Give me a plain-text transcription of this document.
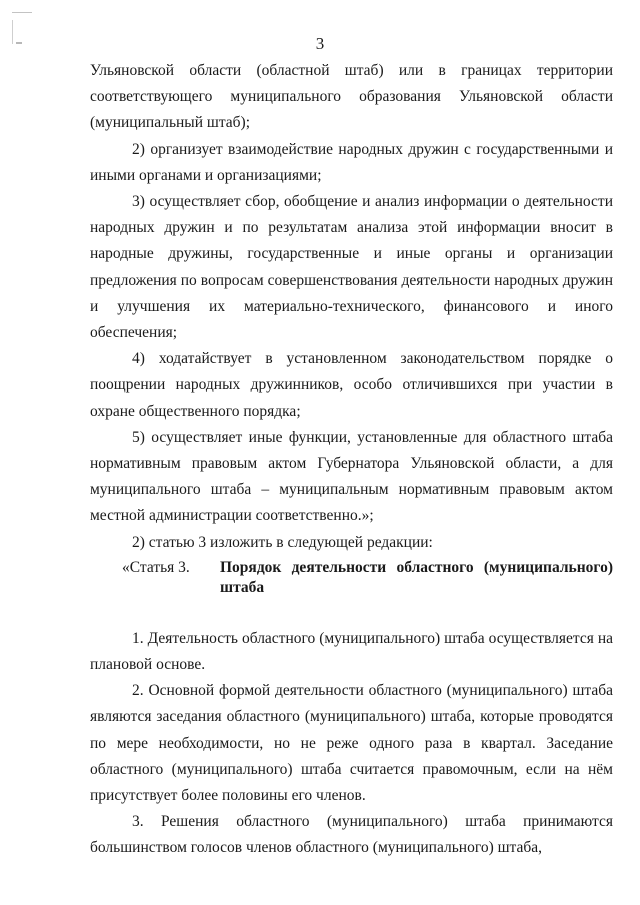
3

Ульяновской области (областной штаб) или в границах территории соответствующего муниципального образования Ульяновской области (муниципальный штаб);

2) организует взаимодействие народных дружин с государственными и иными органами и организациями;

3) осуществляет сбор, обобщение и анализ информации о деятельности народных дружин и по результатам анализа этой информации вносит в народные дружины, государственные и иные органы и организации предложения по вопросам совершенствования деятельности народных дружин и улучшения их материально-технического, финансового и иного обеспечения;

4) ходатайствует в установленном законодательством порядке о поощрении народных дружинников, особо отличившихся при участии в охране общественного порядка;

5) осуществляет иные функции, установленные для областного штаба нормативным правовым актом Губернатора Ульяновской области, а для муниципального штаба – муниципальным нормативным правовым актом местной администрации соответственно.»;

2) статью 3 изложить в следующей редакции:

«Статья 3.	Порядок деятельности областного (муниципального) штаба

1. Деятельность областного (муниципального) штаба осуществляется на плановой основе.

2. Основной формой деятельности областного (муниципального) штаба являются заседания областного (муниципального) штаба, которые проводятся по мере необходимости, но не реже одного раза в квартал. Заседание областного (муниципального) штаба считается правомочным, если на нём присутствует более половины его членов.

3. Решения областного (муниципального) штаба принимаются большинством голосов членов областного (муниципального) штаба,
